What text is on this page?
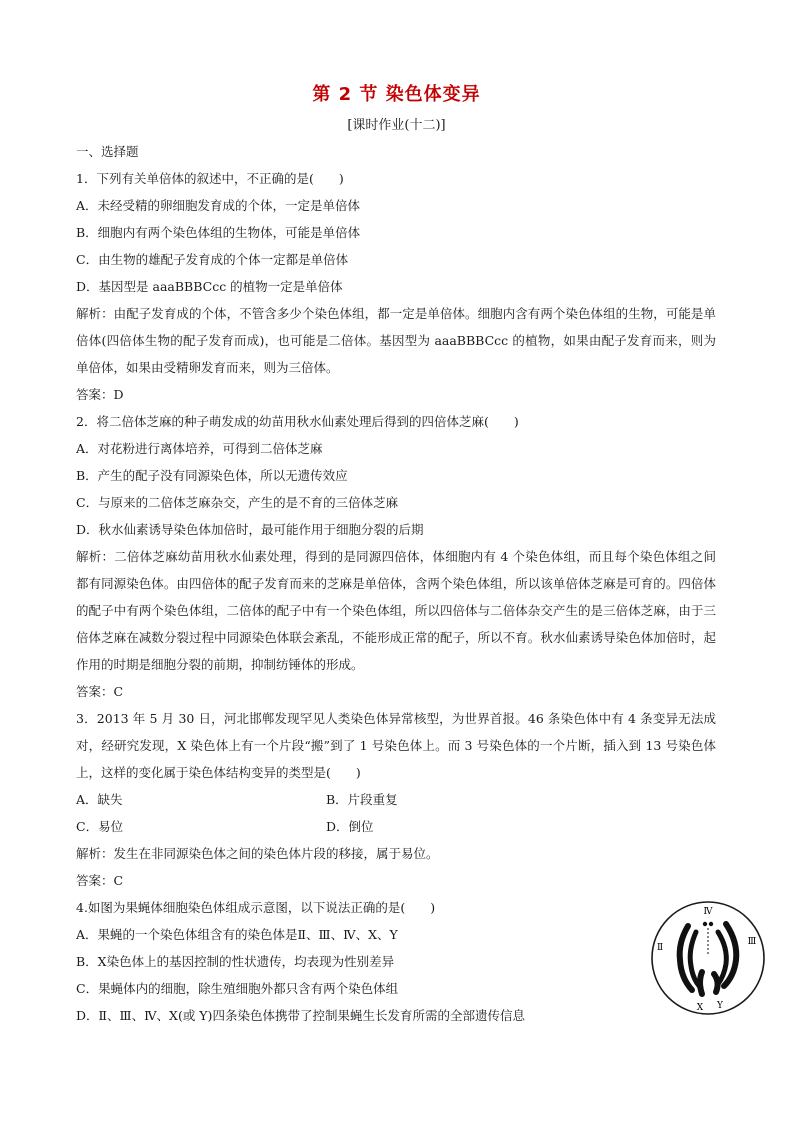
第 2 节 染色体变异
[课时作业(十二)]
一、选择题
1．下列有关单倍体的叙述中，不正确的是(　　)
A．未经受精的卵细胞发育成的个体，一定是单倍体
B．细胞内有两个染色体组的生物体，可能是单倍体
C．由生物的雄配子发育成的个体一定都是单倍体
D．基因型是 aaaBBBCcc 的植物一定是单倍体
解析：由配子发育成的个体，不管含多少个染色体组，都一定是单倍体。细胞内含有两个染色体组的生物，可能是单倍体(四倍体生物的配子发育而成)，也可能是二倍体。基因型为 aaaBBBCcc 的植物，如果由配子发育而来，则为单倍体，如果由受精卵发育而来，则为三倍体。
答案：D
2．将二倍体芝麻的种子萌发成的幼苗用秋水仙素处理后得到的四倍体芝麻(　　)
A．对花粉进行离体培养，可得到二倍体芝麻
B．产生的配子没有同源染色体，所以无遗传效应
C．与原来的二倍体芝麻杂交，产生的是不育的三倍体芝麻
D．秋水仙素诱导染色体加倍时，最可能作用于细胞分裂的后期
解析：二倍体芝麻幼苗用秋水仙素处理，得到的是同源四倍体，体细胞内有 4 个染色体组，而且每个染色体组之间都有同源染色体。由四倍体的配子发育而来的芝麻是单倍体，含两个染色体组，所以该单倍体芝麻是可育的。四倍体的配子中有两个染色体组，二倍体的配子中有一个染色体组，所以四倍体与二倍体杂交产生的是三倍体芝麻，由于三倍体芝麻在减数分裂过程中同源染色体联会紊乱，不能形成正常的配子，所以不育。秋水仙素诱导染色体加倍时，起作用的时期是细胞分裂的前期，抑制纺锤体的形成。
答案：C
3．2013 年 5 月 30 日，河北邯郸发现罕见人类染色体异常核型，为世界首报。46 条染色体中有 4 条变异无法成对，经研究发现，X 染色体上有一个片段“搬”到了 1 号染色体上。而 3 号染色体的一个片断，插入到 13 号染色体上，这样的变化属于染色体结构变异的类型是(　　)
A．缺失	B．片段重复
C．易位	D．倒位
解析：发生在非同源染色体之间的染色体片段的移接，属于易位。
答案：C
4.如图为果蝇体细胞染色体组成示意图，以下说法正确的是(　　)
A．果蝇的一个染色体组含有的染色体是Ⅱ、Ⅲ、Ⅳ、X、Y
B．X染色体上的基因控制的性状遗传，均表现为性别差异
C．果蝇体内的细胞，除生殖细胞外都只含有两个染色体组
D．Ⅱ、Ⅲ、Ⅳ、X(或 Y)四条染色体携带了控制果蝇生长发育所需的全部遗传信息
Ⅳ
Ⅱ
Ⅲ
X Y
